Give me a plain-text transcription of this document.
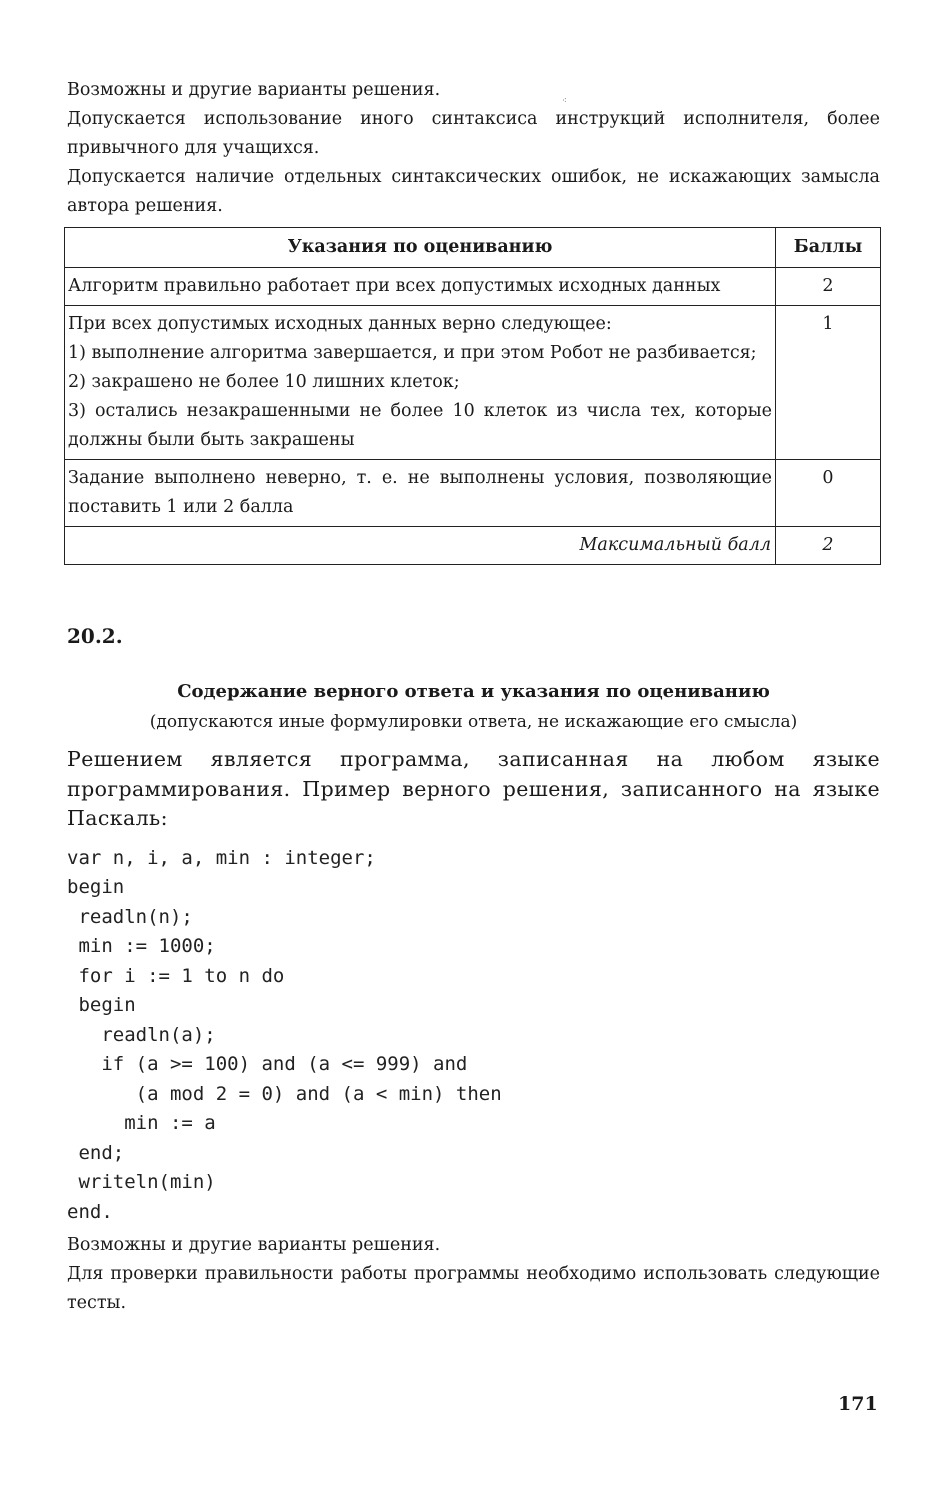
⁖

Возможны и другие варианты решения.

Допускается использование иного синтаксиса инструкций исполнителя, более привычного для учащихся.

Допускается наличие отдельных синтаксических ошибок, не искажающих замысла автора решения.

Указания по оцениванию	Баллы

Алгоритм правильно работает при всех допустимых исходных данных	2

При всех допустимых исходных данных верно следующее:
1) выполнение алгоритма завершается, и при этом Робот не разбивается;
2) закрашено не более 10 лишних клеток;
3) остались незакрашенными не более 10 клеток из числа тех, которые должны были быть закрашены	1

Задание выполнено неверно, т. е. не выполнены условия, позволяющие поставить 1 или 2 балла	0
Максимальный балл	2

20.2.

Содержание верного ответа и указания по оцениванию

(допускаются иные формулировки ответа, не искажающие его смысла)

Решением является программа, записанная на любом языке программирования. Пример верного решения, записанного на языке Паскаль:

var n, i, a, min : integer;
begin
readln(n);
min := 1000;
for i := 1 to n do
begin
readln(a);
if (a >= 100) and (a <= 999) and
(a mod 2 = 0) and (a < min) then
min := a
end;
writeln(min)
end.

Возможны и другие варианты решения.

Для проверки правильности работы программы необходимо использовать следующие тесты.

171
